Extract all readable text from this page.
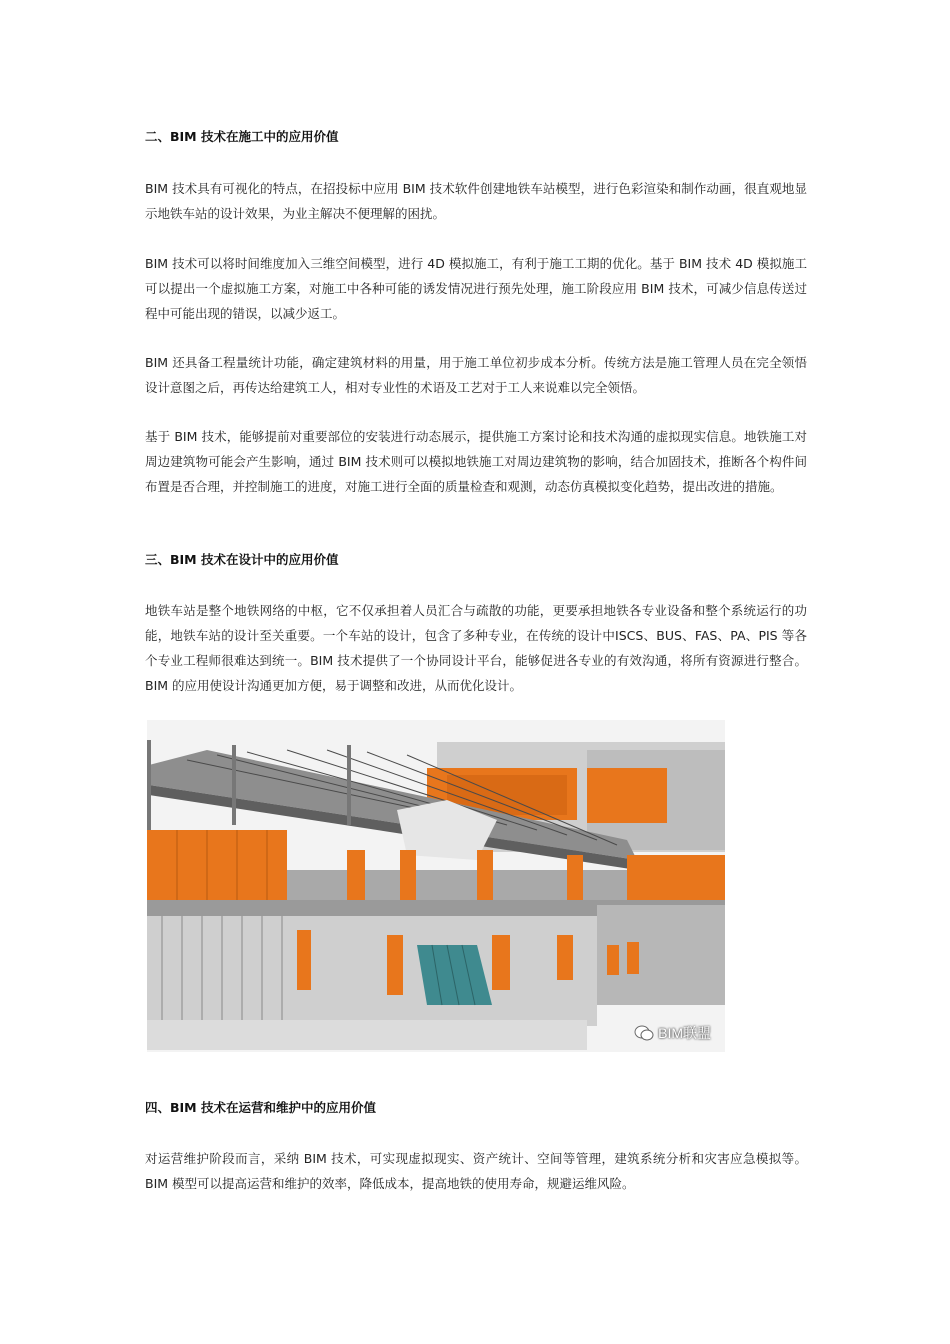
二、BIM 技术在施工中的应用价值

BIM 技术具有可视化的特点，在招投标中应用 BIM 技术软件创建地铁车站模型，进行色彩渲染和制作动画，很直观地显示地铁车站的设计效果，为业主解决不便理解的困扰。

BIM 技术可以将时间维度加入三维空间模型，进行 4D 模拟施工，有利于施工工期的优化。基于 BIM 技术 4D 模拟施工可以提出一个虚拟施工方案，对施工中各种可能的诱发情况进行预先处理，施工阶段应用 BIM 技术，可减少信息传送过程中可能出现的错误，以减少返工。

BIM 还具备工程量统计功能，确定建筑材料的用量，用于施工单位初步成本分析。传统方法是施工管理人员在完全领悟设计意图之后，再传达给建筑工人，相对专业性的术语及工艺对于工人来说难以完全领悟。

基于 BIM 技术，能够提前对重要部位的安装进行动态展示，提供施工方案讨论和技术沟通的虚拟现实信息。地铁施工对周边建筑物可能会产生影响，通过 BIM 技术则可以模拟地铁施工对周边建筑物的影响，结合加固技术，推断各个构件间布置是否合理，并控制施工的进度，对施工进行全面的质量检查和观测，动态仿真模拟变化趋势，提出改进的措施。

三、BIM 技术在设计中的应用价值

地铁车站是整个地铁网络的中枢，它不仅承担着人员汇合与疏散的功能，更要承担地铁各专业设备和整个系统运行的功能，地铁车站的设计至关重要。一个车站的设计，包含了多种专业，在传统的设计中ISCS、BUS、FAS、PA、PIS 等各个专业工程师很难达到统一。BIM 技术提供了一个协同设计平台，能够促进各专业的有效沟通，将所有资源进行整合。BIM 的应用使设计沟通更加方便，易于调整和改进，从而优化设计。

四、BIM 技术在运营和维护中的应用价值

对运营维护阶段而言，采纳 BIM 技术，可实现虚拟现实、资产统计、空间等管理，建筑系统分析和灾害应急模拟等。BIM 模型可以提高运营和维护的效率，降低成本，提高地铁的使用寿命，规避运维风险。

BIM联盟
